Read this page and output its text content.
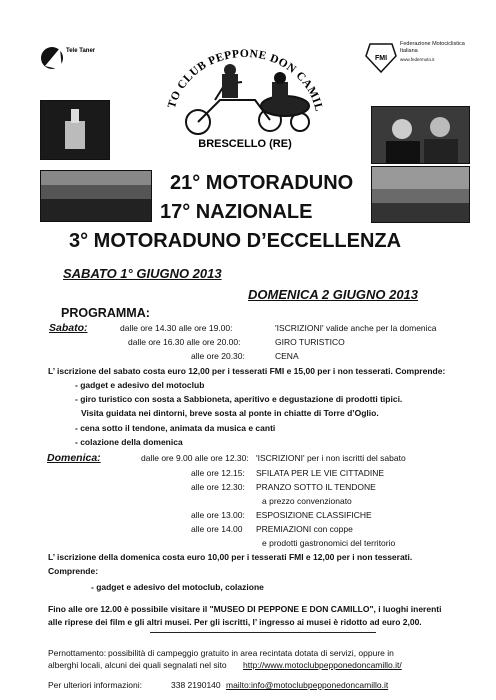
Tele Taner
TO CLUB PEPPONE DON CAMIL
BRESCELLO (RE)
FMI
Federazione Motociclistica Italiana
www.federmoto.it
21° MOTORADUNO
17° NAZIONALE
3° MOTORADUNO D’ECCELLENZA
SABATO 1° GIUGNO 2013
DOMENICA 2 GIUGNO 2013
PROGRAMMA:
Sabato:	dalle ore 14.30 alle ore 19.00:	'ISCRIZIONI' valide anche per la domenica
dalle ore 16.30 alle ore 20.00:	GIRO TURISTICO
alle ore 20.30:	CENA
L’ iscrizione del sabato costa euro 12,00 per i tesserati FMI e 15,00 per i non tesserati. Comprende:
- gadget e adesivo del motoclub
- giro turistico con sosta a Sabbioneta, aperitivo e degustazione di prodotti tipici.
Visita guidata nei dintorni, breve sosta al ponte in chiatte di Torre d’Oglio.
- cena sotto il tendone, animata da musica e canti
- colazione della domenica
Domenica:	dalle ore 9.00 alle ore 12.30: 'ISCRIZIONI' per i non iscritti del sabato
alle ore 12.15: SFILATA PER LE VIE CITTADINE
alle ore 12.30: PRANZO SOTTO IL TENDONE
a prezzo convenzionato
alle ore 13.00: ESPOSIZIONE CLASSIFICHE
alle ore 14.00 PREMIAZIONI con coppe
e prodotti gastronomici del territorio
L’ iscrizione della domenica costa euro 10,00 per i tesserati FMI e 12,00 per i non tesserati.
Comprende:
- gadget e adesivo del motoclub, colazione
Fino alle ore 12.00 è possibile visitare il "MUSEO DI PEPPONE E DON CAMILLO", i luoghi inerenti
alle riprese dei film e gli altri musei. Per gli iscritti, l’ ingresso ai musei è ridotto ad euro 2,00.
Pernottamento: possibilità di campeggio gratuito in area recintata dotata di servizi, oppure in
alberghi locali, alcuni dei quali segnalati nel sito http://www.motoclubpepponedoncamillo.it/
Per ulteriori informazioni:	338 2190140 mailto:info@motoclubpepponedoncamillo.it
